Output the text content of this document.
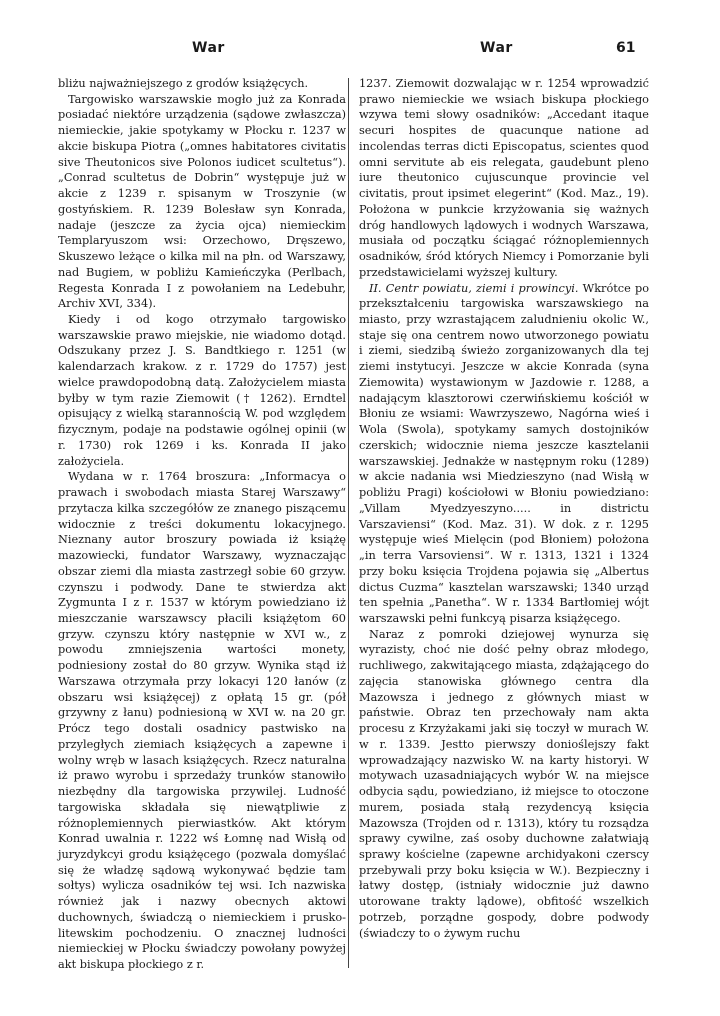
War	War	61

bliżu najważniejszego z grodów książęcych.

Targowisko warszawskie mogło już za Konrada posiadać niektóre urządzenia (sądowe zwłaszcza) niemieckie, jakie spotykamy w Płocku r. 1237 w akcie biskupa Piotra („omnes habitatores civitatis sive Theutonicos sive Polonos iudicet scultetus“). „Conrad scultetus de Dobrin“ występuje już w akcie z 1239 r. spisanym w Troszynie (w gostyńskiem. R. 1239 Bolesław syn Konrada, nadaje (jeszcze za życia ojca) niemieckim Templaryuszom wsi: Orzechowo, Dręszewo, Skuszewo leżące o kilka mil na płn. od Warszawy, nad Bugiem, w pobliżu Kamieńczyka (Perlbach, Regesta Konrada I z powołaniem na Ledebuhr, Archiv XVI, 334).

Kiedy i od kogo otrzymało targowisko warszawskie prawo miejskie, nie wiadomo dotąd. Odszukany przez J. S. Bandtkiego r. 1251 (w kalendarzach krakow. z r. 1729 do 1757) jest wielce prawdopodobną datą. Założycielem miasta byłby w tym razie Ziemowit († 1262). Erndtel opisujący z wielką starannością W. pod względem fizycznym, podaje na podstawie ogólnej opinii (w r. 1730) rok 1269 i ks. Konrada II jako założyciela.

Wydana w r. 1764 broszura: „Informacya o prawach i swobodach miasta Starej Warszawy“ przytacza kilka szczegółów ze znanego piszącemu widocznie z treści dokumentu lokacyjnego. Nieznany autor broszury powiada iż książę mazowiecki, fundator Warszawy, wyznaczając obszar ziemi dla miasta zastrzegł sobie 60 grzyw. czynszu i podwody. Dane te stwierdza akt Zygmunta I z r. 1537 w którym powiedziano iż mieszczanie warszawscy płacili książętom 60 grzyw. czynszu który następnie w XVI w., z powodu zmniejszenia wartości monety, podniesiony został do 80 grzyw. Wynika stąd iż Warszawa otrzymała przy lokacyi 120 łanów (z obszaru wsi książęcej) z opłatą 15 gr. (pół grzywny z łanu) podniesioną w XVI w. na 20 gr. Prócz tego dostali osadnicy pastwisko na przyległych ziemiach książęcych a zapewne i wolny wręb w lasach książęcych. Rzecz naturalna iż prawo wyrobu i sprzedaży trunków stanowiło niezbędny dla targowiska przywilej. Ludność targowiska składała się niewątpliwie z różnoplemiennych pierwiastków. Akt którym Konrad uwalnia r. 1222 wś Łomnę nad Wisłą od juryzdykcyi grodu książęcego (pozwala domyślać się że władzę sądową wykonywać będzie tam sołtys) wylicza osadników tej wsi. Ich nazwiska również jak i nazwy obecnych aktowi duchownych, świadczą o niemieckiem i prusko-litewskim pochodzeniu. O znacznej ludności niemieckiej w Płocku świadczy powołany powyżej akt biskupa płockiego z r.

1237. Ziemowit dozwalając w r. 1254 wprowadzić prawo niemieckie we wsiach biskupa płockiego wzywa temi słowy osadników: „Accedant itaque securi hospites de quacunque natione ad incolendas terras dicti Episcopatus, scientes quod omni servitute ab eis relegata, gaudebunt pleno iure theutonico cujuscunque provincie vel civitatis, prout ipsimet elegerint“ (Kod. Maz., 19). Położona w punkcie krzyżowania się ważnych dróg handlowych lądowych i wodnych Warszawa, musiała od początku ściągać różnoplemiennych osadników, śród których Niemcy i Pomorzanie byli przedstawicielami wyższej kultury.

II. Centr powiatu, ziemi i prowincyi. Wkrótce po przekształceniu targowiska warszawskiego na miasto, przy wzrastającem zaludnieniu okolic W., staje się ona centrem nowo utworzonego powiatu i ziemi, siedzibą świeżo zorganizowanych dla tej ziemi instytucyi. Jeszcze w akcie Konrada (syna Ziemowita) wystawionym w Jazdowie r. 1288, a nadającym klasztorowi czerwińskiemu kościół w Błoniu ze wsiami: Wawrzyszewo, Nagórna wieś i Wola (Swola), spotykamy samych dostojników czerskich; widocznie niema jeszcze kasztelanii warszawskiej. Jednakże w następnym roku (1289) w akcie nadania wsi Miedzieszyno (nad Wisłą w pobliżu Pragi) kościołowi w Błoniu powiedziano: „Villam Myedzyeszyno..... in districtu Varszaviensi“ (Kod. Maz. 31). W dok. z r. 1295 występuje wieś Mielęcin (pod Błoniem) położona „in terra Varsoviensi“. W r. 1313, 1321 i 1324 przy boku księcia Trojdena pojawia się „Albertus dictus Cuzma“ kasztelan warszawski; 1340 urząd ten spełnia „Panetha“. W r. 1334 Bartłomiej wójt warszawski pełni funkcyą pisarza książęcego.

Naraz z pomroki dziejowej wynurza się wyrazisty, choć nie dość pełny obraz młodego, ruchliwego, zakwitającego miasta, zdążającego do zajęcia stanowiska głównego centra dla Mazowsza i jednego z głównych miast w państwie. Obraz ten przechowały nam akta procesu z Krzyżakami jaki się toczył w murach W. w r. 1339. Jestto pierwszy donioślejszy fakt wprowadzający nazwisko W. na karty historyi. W motywach uzasadniających wybór W. na miejsce odbycia sądu, powiedziano, iż miejsce to otoczone murem, posiada stałą rezydencyą księcia Mazowsza (Trojden od r. 1313), który tu rozsądza sprawy cywilne, zaś osoby duchowne załatwiają sprawy kościelne (zapewne archidyakoni czerscy przebywali przy boku księcia w W.). Bezpieczny i łatwy dostęp, (istniały widocznie już dawno utorowane trakty lądowe), obfitość wszelkich potrzeb, porządne gospody, dobre podwody (świadczy to o żywym ruchu
